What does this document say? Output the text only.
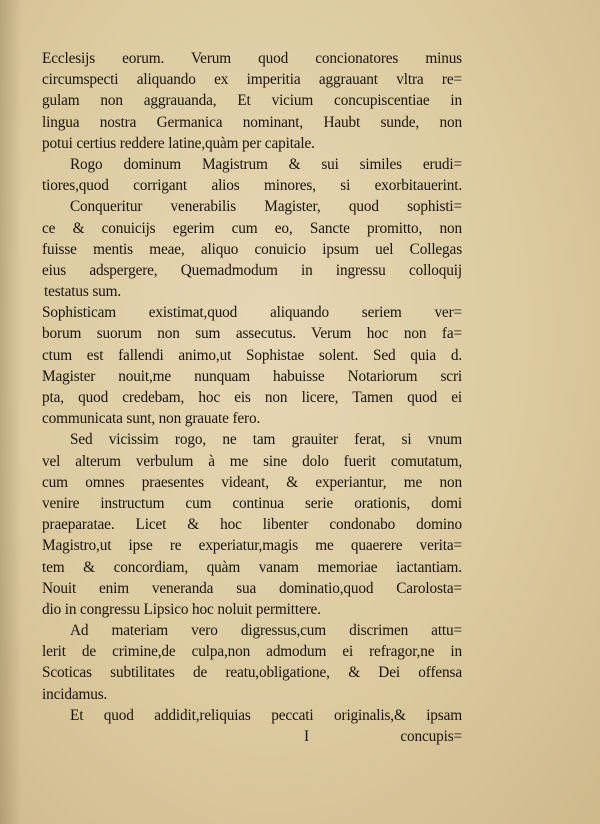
Ecclesijs eorum. Verum quod concionatores minus
circumspecti aliquando ex imperitia aggrauant vltra re=
gulam non aggrauanda, Et vicium concupiscentiae in
lingua nostra Germanica nominant, Haubt sunde, non
potui certius reddere latine,quàm per capitale.
Rogo dominum Magistrum & sui similes erudi=
tiores,quod corrigant alios minores, si exorbitauerint.
Conqueritur venerabilis Magister, quod sophisti=
ce & conuicijs egerim cum eo, Sancte promitto, non
fuisse mentis meae, aliquo conuicio ipsum uel Collegas
eius adspergere, Quemadmodum in ingressu colloquij
testatus sum.
Sophisticam existimat,quod aliquando seriem ver=
borum suorum non sum assecutus. Verum hoc non fa=
ctum est fallendi animo,ut Sophistae solent. Sed quia d.
Magister nouit,me nunquam habuisse Notariorum scri
pta, quod credebam, hoc eis non licere, Tamen quod ei
communicata sunt, non grauate fero.
Sed vicissim rogo, ne tam grauiter ferat, si vnum
vel alterum verbulum à me sine dolo fuerit comutatum,
cum omnes praesentes videant, & experiantur, me non
venire instructum cum continua serie orationis, domi
praeparatae. Licet & hoc libenter condonabo domino
Magistro,ut ipse re experiatur,magis me quaerere verita=
tem & concordiam, quàm vanam memoriae iactantiam.
Nouit enim veneranda sua dominatio,quod Carolosta=
dio in congressu Lipsico hoc noluit permittere.
Ad materiam vero digressus,cum discrimen attu=
lerit de crimine,de culpa,non admodum ei refragor,ne in
Scoticas subtilitates de reatu,obligatione, & Dei offensa
incidamus.
Et quod addidit,reliquias peccati originalis,& ipsam
I	concupis=
